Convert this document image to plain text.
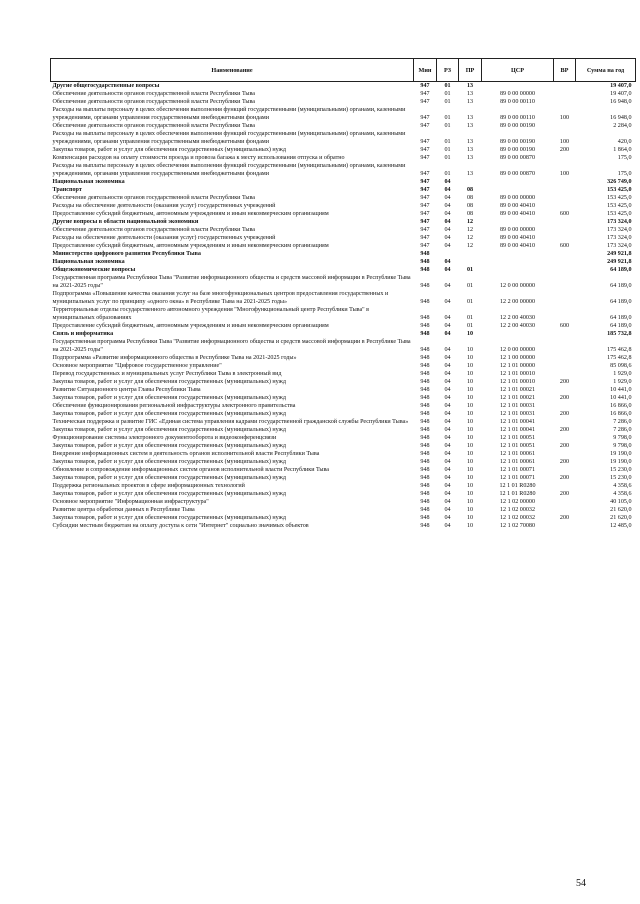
Наименование	Мин	РЗ	ПР	ЦСР	ВР	Сумма на год
Другие общегосударственные вопросы	947	01	13			19 407,0
Обеспечение деятельности органов государственной власти Республики Тыва	947	01	13	89 0 00 00000		19 407,0
Обеспечение деятельности органов государственной власти Республики Тыва	947	01	13	89 0 00 00110		16 948,0
Расходы на выплаты персоналу в целях обеспечения выполнения функций государственными (муниципальными) органами, казенными учреждениями, органами управления государственными внебюджетными фондами	947	01	13	89 0 00 00110	100	16 948,0
Обеспечение деятельности органов государственной власти Республики Тыва	947	01	13	89 0 00 00190		2 284,0
Расходы на выплаты персоналу в целях обеспечения выполнения функций государственными (муниципальными) органами, казенными учреждениями, органами управления государственными внебюджетными фондами	947	01	13	89 0 00 00190	100	420,0
Закупка товаров, работ и услуг для обеспечения государственных (муниципальных) нужд	947	01	13	89 0 00 00190	200	1 864,0
Компенсация расходов на оплату стоимости проезда и провоза багажа к месту использования отпуска и обратно	947	01	13	89 0 00 00870		175,0
Расходы на выплаты персоналу в целях обеспечения выполнения функций государственными (муниципальными) органами, казенными учреждениями, органами управления государственными внебюджетными фондами	947	01	13	89 0 00 00870	100	175,0
Национальная экономика	947	04				326 749,0
Транспорт	947	04	08			153 425,0
Обеспечение деятельности органов государственной власти Республики Тыва	947	04	08	89 0 00 00000		153 425,0
Расходы на обеспечение деятельности (оказания услуг) государственных учреждений	947	04	08	89 0 00 40410		153 425,0
Предоставление субсидий бюджетным, автономным учреждениям и иным некоммерческим организациям	947	04	08	89 0 00 40410	600	153 425,0
Другие вопросы в области национальной экономики	947	04	12			173 324,0
Обеспечение деятельности органов государственной власти Республики Тыва	947	04	12	89 0 00 00000		173 324,0
Расходы на обеспечение деятельности (оказания услуг) государственных учреждений	947	04	12	89 0 00 40410		173 324,0
Предоставление субсидий бюджетным, автономным учреждениям и иным некоммерческим организациям	947	04	12	89 0 00 40410	600	173 324,0
Министерство цифрового развития Республики Тыва	948					249 921,8
Национальная экономика	948	04				249 921,8
Общеэкономические вопросы	948	04	01			64 189,0
Государственная программа Республики Тыва "Развитие информационного общества и средств массовой информации в Республике Тыва на 2021-2025 годы"	948	04	01	12 0 00 00000		64 189,0
Подпрограмма «Повышение качества оказания услуг на базе многофункциональных центров предоставления государственных и муниципальных услуг по принципу «одного окна» в Республике Тыва на 2021-2025 годы»	948	04	01	12 2 00 00000		64 189,0
Территориальные отделы государственного автономного учреждения "Многофункциональный центр Республики Тыва" в муниципальных образованиях	948	04	01	12 2 00 40030		64 189,0
Предоставление субсидий бюджетным, автономным учреждениям и иным некоммерческим организациям	948	04	01	12 2 00 40030	600	64 189,0
Связь и информатика	948	04	10			185 732,8
Государственная программа Республики Тыва "Развитие информационного общества и средств массовой информации в Республике Тыва на 2021-2025 годы"	948	04	10	12 0 00 00000		175 462,8
Подпрограмма «Развитие информационного общества в Республике Тыва на 2021-2025 годы»	948	04	10	12 1 00 00000		175 462,8
Основное мероприятие "Цифровое государственное управление"	948	04	10	12 1 01 00000		85 098,6
Перевод государственных и муниципальных услуг Республики Тыва в электронный вид	948	04	10	12 1 01 00010		1 929,0
Закупка товаров, работ и услуг для обеспечения государственных (муниципальных) нужд	948	04	10	12 1 01 00010	200	1 929,0
Развитие Ситуационного центра Главы Республики Тыва	948	04	10	12 1 01 00021		10 441,0
Закупка товаров, работ и услуг для обеспечения государственных (муниципальных) нужд	948	04	10	12 1 01 00021	200	10 441,0
Обеспечение функционирования региональной инфраструктуры электронного правительства	948	04	10	12 1 01 00031		16 866,0
Закупка товаров, работ и услуг для обеспечения государственных (муниципальных) нужд	948	04	10	12 1 01 00031	200	16 866,0
Техническая поддержка и развитие ГИС «Единая система управления кадрами государственной гражданской службы Республики Тыва»	948	04	10	12 1 01 00041		7 286,0
Закупка товаров, работ и услуг для обеспечения государственных (муниципальных) нужд	948	04	10	12 1 01 00041	200	7 286,0
Функционирование системы электронного документооборота и видеоконференцсвязи	948	04	10	12 1 01 00051		9 798,0
Закупка товаров, работ и услуг для обеспечения государственных (муниципальных) нужд	948	04	10	12 1 01 00051	200	9 798,0
Внедрение информационных систем в деятельность органов исполнительной власти Республики Тыва	948	04	10	12 1 01 00061		19 190,0
Закупка товаров, работ и услуг для обеспечения государственных (муниципальных) нужд	948	04	10	12 1 01 00061	200	19 190,0
Обновление и сопровождение информационных систем органов исполнительной власти Республики Тыва	948	04	10	12 1 01 00071		15 230,0
Закупка товаров, работ и услуг для обеспечения государственных (муниципальных) нужд	948	04	10	12 1 01 00071	200	15 230,0
Поддержка региональных проектов в сфере информационных технологий	948	04	10	12 1 01 R0280		4 358,6
Закупка товаров, работ и услуг для обеспечения государственных (муниципальных) нужд	948	04	10	12 1 01 R0280	200	4 358,6
Основное мероприятие "Информационная инфраструктура"	948	04	10	12 1 02 00000		40 105,0
Развитие центра обработки данных в Республике Тыва	948	04	10	12 1 02 00032		21 620,0
Закупка товаров, работ и услуг для обеспечения государственных (муниципальных) нужд	948	04	10	12 1 02 00032	200	21 620,0
Субсидии местным бюджетам на оплату доступа к сети "Интернет" социально значимых объектов	948	04	10	12 1 02 70080		12 485,0
54
